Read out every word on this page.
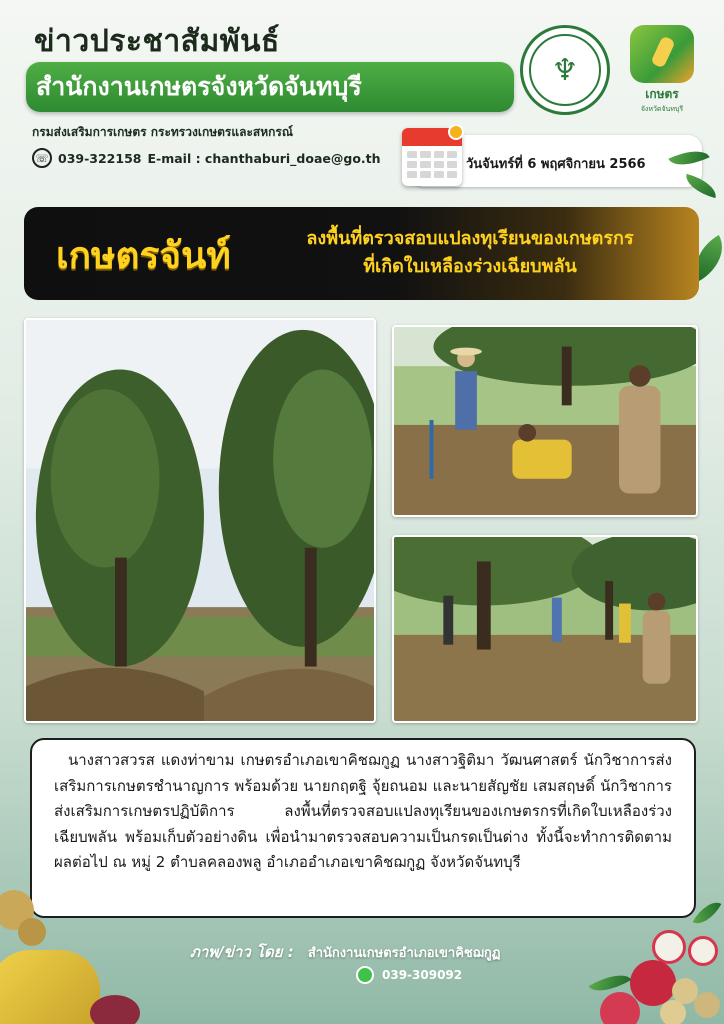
ข่าวประชาสัมพันธ์
สำนักงานเกษตรจังหวัดจันทบุรี
กรมส่งเสริมการเกษตร กระทรวงเกษตรและสหกรณ์
☏ 039-322158 E-mail : chanthaburi_doae@go.th
♆
เกษตร
จังหวัดจันทบุรี
วันจันทร์ที่ 6 พฤศจิกายน 2566
เกษตรจันท์	ลงพื้นที่ตรวจสอบแปลงทุเรียนของเกษตรกร
ที่เกิดใบเหลืองร่วงเฉียบพลัน

นางสาวสวรส แดงท่าขาม เกษตรอำเภอเขาคิชฌกูฏ นางสาวฐิติมา วัฒนศาสตร์ นักวิชาการส่งเสริมการเกษตรชำนาญการ พร้อมด้วย นายกฤตฐิ จุ้ยถนอม และนายสัญชัย เสมสฤษดิ์ นักวิชาการส่งเสริมการเกษตรปฏิบัติการ ลงพื้นที่ตรวจสอบแปลงทุเรียนของเกษตรกรที่เกิดใบเหลืองร่วงเฉียบพลัน พร้อมเก็บตัวอย่างดิน เพื่อนำมาตรวจสอบความเป็นกรดเป็นด่าง ทั้งนี้จะทำการติดตามผลต่อไป ณ หมู่ 2 ตำบลคลองพลู อำเภออำเภอเขาคิชฌกูฏ จังหวัดจันทบุรี

ภาพ/ข่าว โดย : สำนักงานเกษตรอำเภอเขาคิชฌกูฏ
039-309092
